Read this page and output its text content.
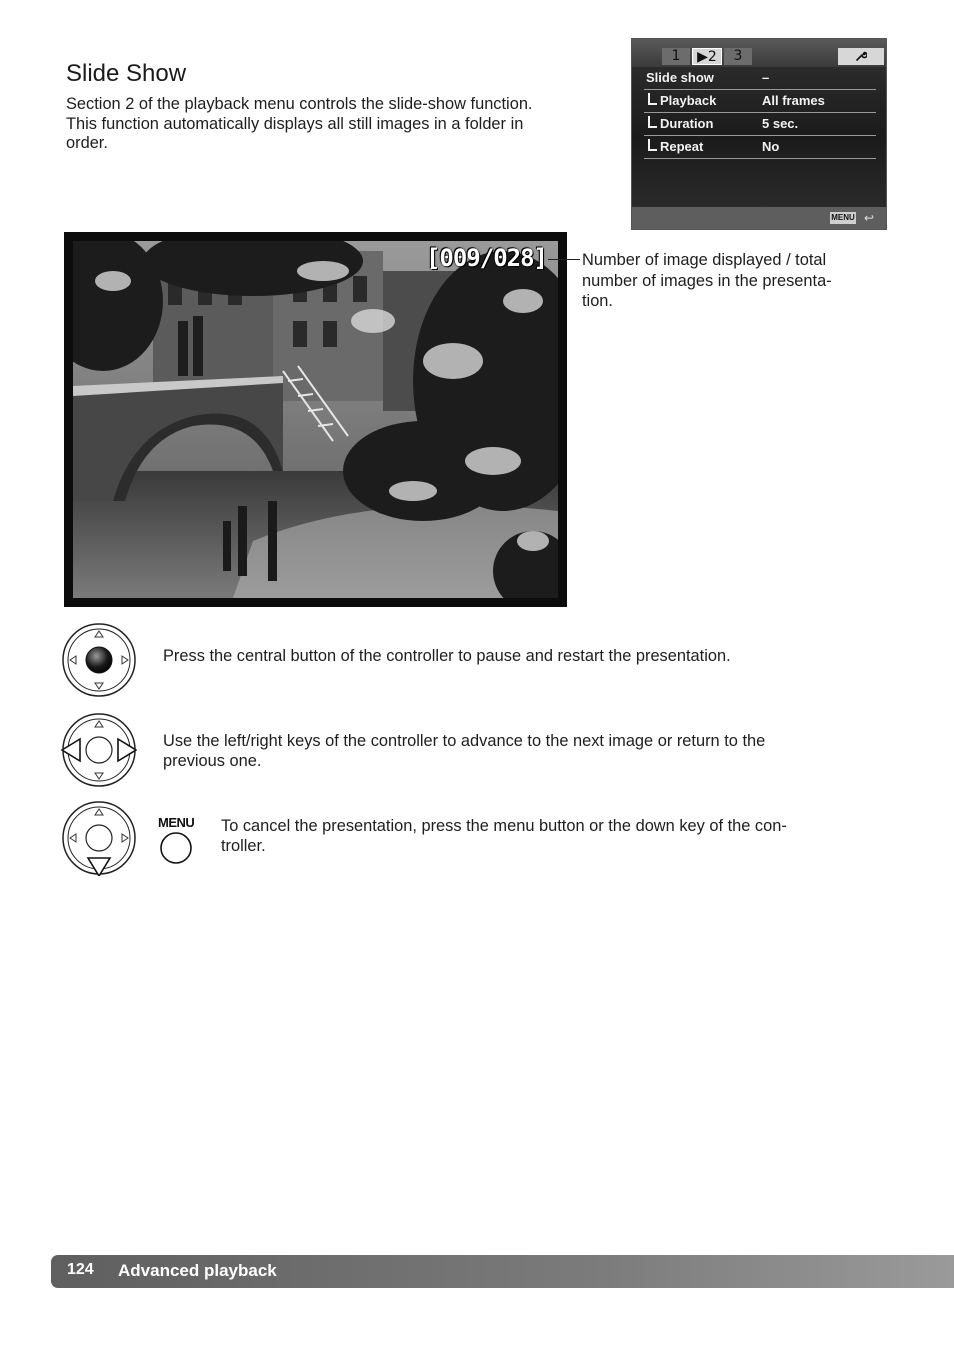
Slide Show
Section 2 of the playback menu controls the slide-show function.
This function automatically displays all still images in a folder in
order.
1	▶2	3
Slide show	–
Playback	All frames
Duration	5 sec.
Repeat	No
MENU ↩
[009/028] Number of image displayed / total
number of images in the presenta-
tion.
Press the central button of the controller to pause and restart the presentation.
Use the left/right keys of the controller to advance to the next image or return to the
previous one.
MENU To cancel the presentation, press the menu button or the down key of the con-
troller.
124 Advanced playback
